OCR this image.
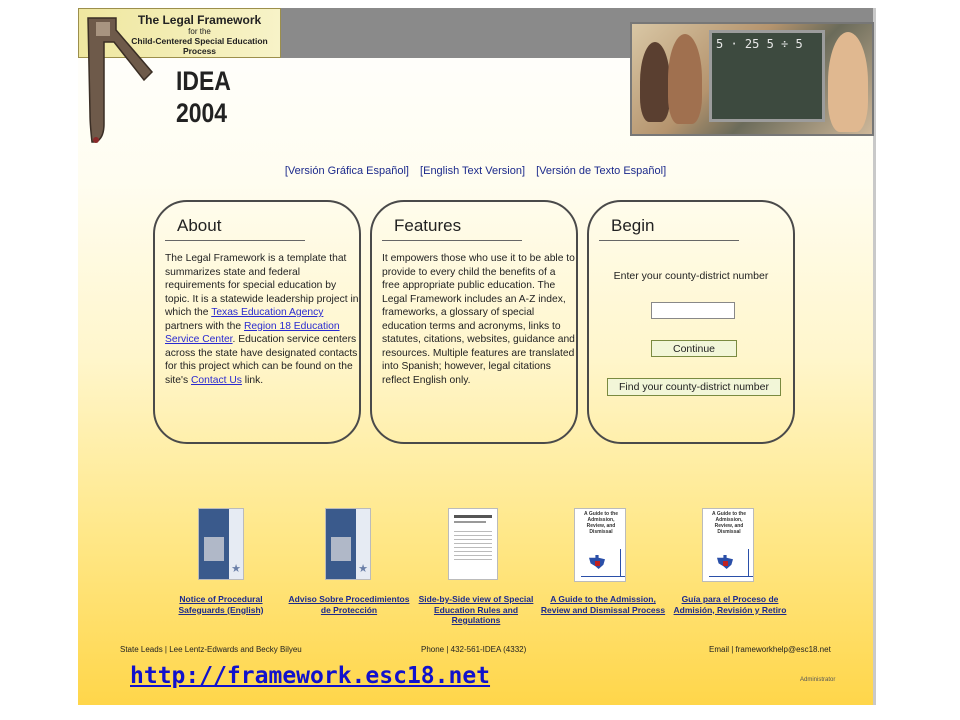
The Legal Framework
for the
Child-Centered Special Education Process
IDEA
2004
5 · 25 5 ÷ 5
[Versión Gráfica Español] [English Text Version] [Versión de Texto Español]
About
The Legal Framework is a template that summarizes state and federal requirements for special education by topic. It is a statewide leadership project in which the Texas Education Agency partners with the Region 18 Education Service Center. Education service centers across the state have designated contacts for this project which can be found on the site's Contact Us link.
Features
It empowers those who use it to be able to provide to every child the benefits of a free appropriate public education. The Legal Framework includes an A-Z index, frameworks, a glossary of special education terms and acronyms, links to statutes, citations, websites, guidance and resources. Multiple features are translated into Spanish; however, legal citations reflect English only.
Begin
Enter your county-district number
Continue
Find your county-district number
★
Notice of Procedural Safeguards (English)
★
Adviso Sobre Procedimientos de Protección
Side-by-Side view of Special Education Rules and Regulations
A Guide to the
Admission,
Review, and
Dismissal
A Guide to the Admission, Review and Dismissal Process
A Guide to the
Admission,
Review, and
Dismissal
Guía para el Proceso de Admisión, Revisión y Retiro
State Leads | Lee Lentz-Edwards and Becky Bilyeu	Phone | 432-561-IDEA (4332)	Email | frameworkhelp@esc18.net
Administrator
http://framework.esc18.net
